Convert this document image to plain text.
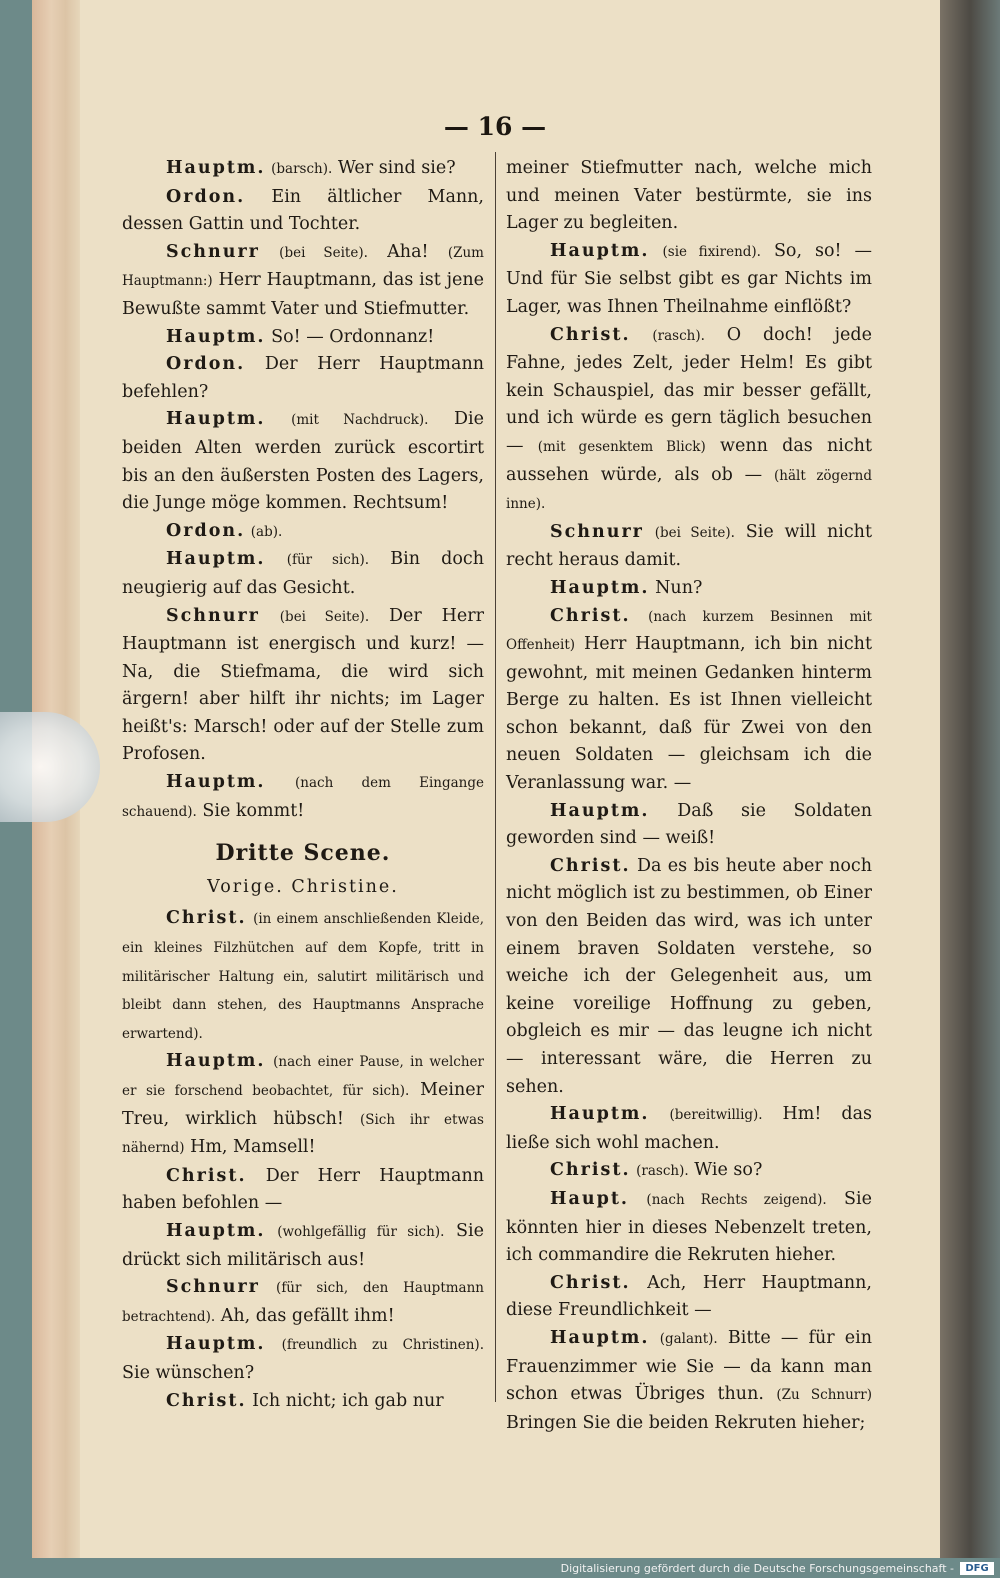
— 16 —

Hauptm. (barsch). Wer sind sie?

Ordon. Ein ältlicher Mann, dessen Gattin und Tochter.

Schnurr (bei Seite). Aha! (Zum Hauptmann:) Herr Hauptmann, das ist jene Bewußte sammt Vater und Stiefmutter.

Hauptm. So! — Ordonnanz!

Ordon. Der Herr Hauptmann befehlen?

Hauptm. (mit Nachdruck). Die beiden Alten werden zurück escortirt bis an den äußersten Posten des Lagers, die Junge möge kommen. Rechtsum!

Ordon. (ab).

Hauptm. (für sich). Bin doch neugierig auf das Gesicht.

Schnurr (bei Seite). Der Herr Hauptmann ist energisch und kurz! — Na, die Stiefmama, die wird sich ärgern! aber hilft ihr nichts; im Lager heißt's: Marsch! oder auf der Stelle zum Profosen.

Hauptm. (nach dem Eingange schauend). Sie kommt!

Dritte Scene.

Vorige. Christine.

Christ. (in einem anschließenden Kleide, ein kleines Filzhütchen auf dem Kopfe, tritt in militärischer Haltung ein, salutirt militärisch und bleibt dann stehen, des Hauptmanns Ansprache erwartend).

Hauptm. (nach einer Pause, in welcher er sie forschend beobachtet, für sich). Meiner Treu, wirklich hübsch! (Sich ihr etwas nähernd) Hm, Mamsell!

Christ. Der Herr Hauptmann haben befohlen —

Hauptm. (wohlgefällig für sich). Sie drückt sich militärisch aus!

Schnurr (für sich, den Hauptmann betrachtend). Ah, das gefällt ihm!

Hauptm. (freundlich zu Christinen). Sie wünschen?

Christ. Ich nicht; ich gab nur

meiner Stiefmutter nach, welche mich und meinen Vater bestürmte, sie ins Lager zu begleiten.

Hauptm. (sie fixirend). So, so! — Und für Sie selbst gibt es gar Nichts im Lager, was Ihnen Theilnahme einflößt?

Christ. (rasch). O doch! jede Fahne, jedes Zelt, jeder Helm! Es gibt kein Schauspiel, das mir besser gefällt, und ich würde es gern täglich besuchen — (mit gesenktem Blick) wenn das nicht aussehen würde, als ob — (hält zögernd inne).

Schnurr (bei Seite). Sie will nicht recht heraus damit.

Hauptm. Nun?

Christ. (nach kurzem Besinnen mit Offenheit) Herr Hauptmann, ich bin nicht gewohnt, mit meinen Gedanken hinterm Berge zu halten. Es ist Ihnen vielleicht schon bekannt, daß für Zwei von den neuen Soldaten — gleichsam ich die Veranlassung war. —

Hauptm. Daß sie Soldaten geworden sind — weiß!

Christ. Da es bis heute aber noch nicht möglich ist zu bestimmen, ob Einer von den Beiden das wird, was ich unter einem braven Soldaten verstehe, so weiche ich der Gelegenheit aus, um keine voreilige Hoffnung zu geben, obgleich es mir — das leugne ich nicht — interessant wäre, die Herren zu sehen.

Hauptm. (bereitwillig). Hm! das ließe sich wohl machen.

Christ. (rasch). Wie so?

Haupt. (nach Rechts zeigend). Sie könnten hier in dieses Nebenzelt treten, ich commandire die Rekruten hieher.

Christ. Ach, Herr Hauptmann, diese Freundlichkeit —

Hauptm. (galant). Bitte — für ein Frauenzimmer wie Sie — da kann man schon etwas Übriges thun. (Zu Schnurr) Bringen Sie die beiden Rekruten hieher;

Digitalisierung gefördert durch die Deutsche Forschungsgemeinschaft -	DFG
